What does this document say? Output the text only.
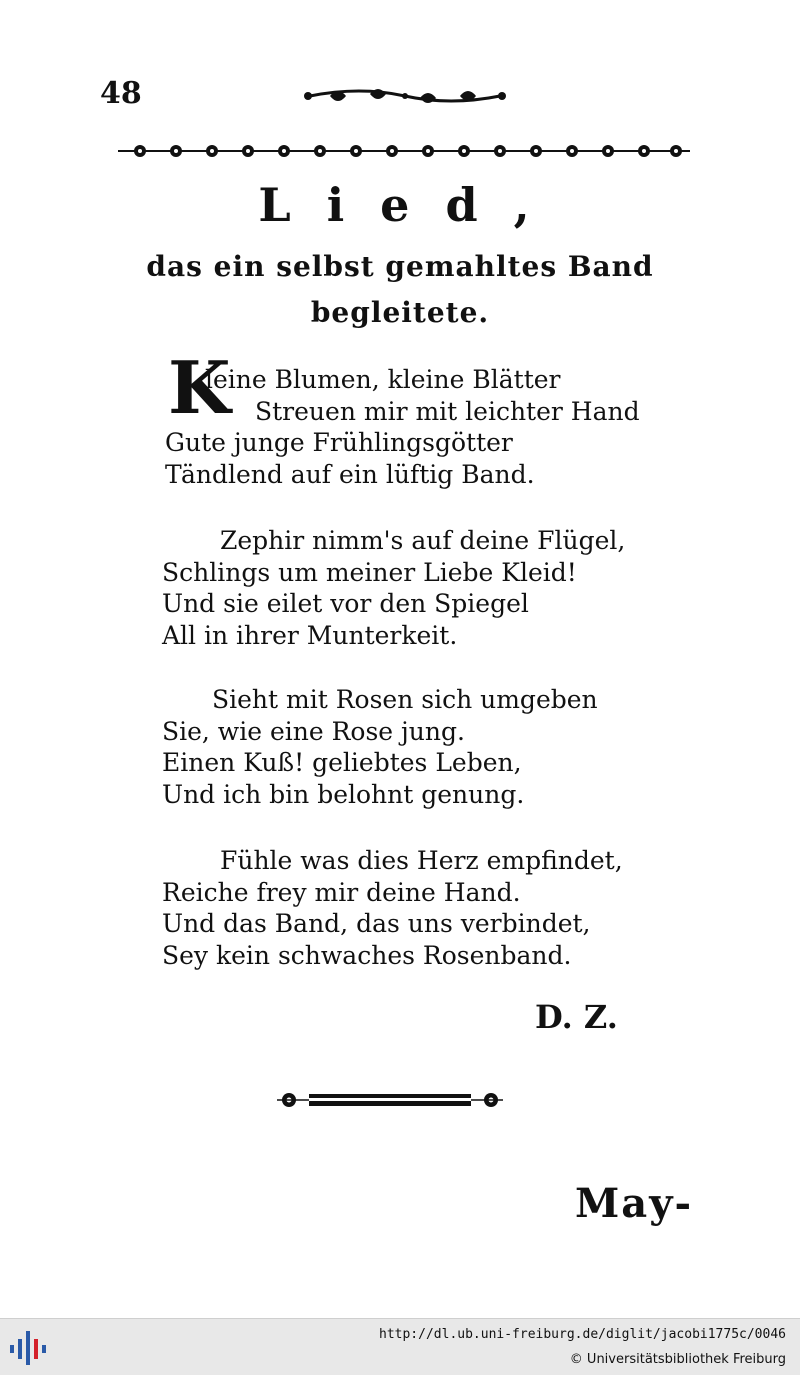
48
Lied,
das ein selbst gemahltes Band
begleitete.
K
leine Blumen, kleine Blätter
Streuen mir mit leichter Hand
Gute junge Frühlingsgötter
Tändlend auf ein lüftig Band.
Zephir nimm's auf deine Flügel,
Schlings um meiner Liebe Kleid!
Und sie eilet vor den Spiegel
All in ihrer Munterkeit.
Sieht mit Rosen sich umgeben
Sie, wie eine Rose jung.
Einen Kuß! geliebtes Leben,
Und ich bin belohnt genung.
Fühle was dies Herz empfindet,
Reiche frey mir deine Hand.
Und das Band, das uns verbindet,
Sey kein schwaches Rosenband.
D. Z.
May-
http://dl.ub.uni-freiburg.de/diglit/jacobi1775c/0046
© Universitätsbibliothek Freiburg
